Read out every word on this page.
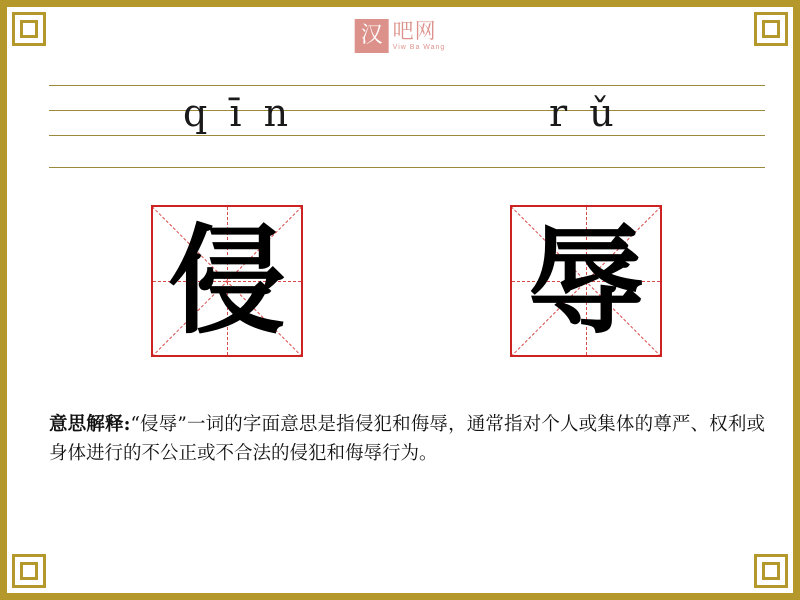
汉 吧网
Viw Ba Wang
q ī n	r ǔ
侵 辱
意思解释:“侵辱”一词的字面意思是指侵犯和侮辱，通常指对个人或集体的尊严、权利或身体进行的不公正或不合法的侵犯和侮辱行为。
